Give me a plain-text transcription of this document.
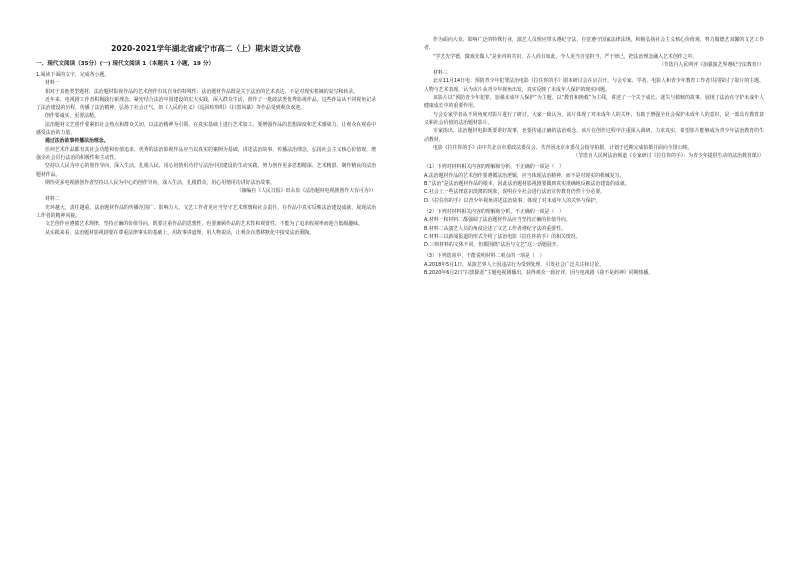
2020-2021学年湖北省咸宁市高二（上）期末语文试卷
一、现代文阅读（35分）(一) 现代文阅读 1（本题共 1 小题，19 分）

1.阅读下面的文字，完成各小题。

材料一

相对于其他类型题材，法治题材影视作品的艺术创作有其自身的特殊性：法治题材作品既是关于法治的艺术表达，不是对现实机械的复写和转录。

近年来，电视剧工作者积极践行新理念，紧密结合法治中国建设的宏大实践，深入群众生活，创作了一批政法类优秀影视作品。这些作品从不同视角记录了法治建设的历程，传播了法治精神，弘扬了社会正气。如《人民的名义》《巡回检察组》《扫黑风暴》等作品受到观众欢迎。

创作要诚实，更要法精。

法治题材文艺创作要紧扣社会热点和群众关切，以法治精神为引领，在真实基础上进行艺术加工。要增强作品的思想深度和艺术感染力，让观众在观看中感受法治的力量。

通过法治故事传播法治理念。

任何艺术作品都有其社会功能和价值追求，优秀的法治影视作品应当以真实的案例为基础，讲述法治故事，传播法治理念，弘扬社会主义核心价值观，增强全社会厉行法治的积极性和主动性。

坚持以人民为中心的创作导向，深入生活、扎根人民，用心用情用功抒写法治中国建设的生动实践，努力创作更多思想精深、艺术精湛、制作精良的法治题材作品。

期待更多电视剧创作者坚持以人民为中心的创作导向，深入生活，扎根群众，用心用情用功讲好法治故事。

（摘编自《人民日报》田永泉《法治题材电视剧创作大有可为》）

材料二

光环越大，责任越重。法治题材作品的传播范围广、影响力大，文艺工作者更应当坚守艺术理想和社会责任，在作品中真实反映法治建设成就，展现法治工作者的精神风貌。

文艺创作应遵循艺术规律，坚持正确的价值导向，既要注重作品的思想性，也要兼顾作品的艺术性和观赏性，不能为了追求收视率而迎合低级趣味。

从实践来看，法治题材影视剧要在尊重法律事实的基础上，用故事讲道理，用人物说话，让观众在潜移默化中接受法治熏陶。

作为面向大众、影响广泛的特殊行业，演艺人员理应带头遵纪守法，自觉遵守国家法律法规，积极弘扬社会主义核心价值观，努力做德艺双馨的文艺工作者。

“学艺先学德，做戏先做人”是业内的共识，古人尚且如此，今人更当自觉担当，严于律己，把法治理念融入艺术创作之中。

（节选自人民网评《加强演艺界遵纪守法教育》）

材料三

北京11月14日电：预防青少年犯罪法治电影《拉住你的手》剧本研讨会在京召开。与会专家、学者、电影人和青少年教育工作者共同探讨了影片的主题、人物与艺术表现，认为该片从青少年视角出发，真实反映了未成年人保护的现实问题。

该影片以“预防青少年犯罪，加强未成年人保护”为主题，以“教育和挽救”为主线，讲述了一个关于成长、迷失与救赎的故事，展现了法治在守护未成年人健康成长中的重要作用。

与会专家学者从不同角度对影片进行了研讨。大家一致认为，该片体现了对未成年人的关怀，有助于增强全社会保护未成年人的意识，是一部具有教育意义和社会价值的法治题材影片。

专家指出，法治题材电影既要讲好故事，也要传递正确的法治观念。该片在创作过程中注重深入调研，力求真实，希望影片能够成为青少年法治教育的生动教材。

电影《拉住你的手》由中共北京市委政法委员会、共青团北京市委员会指导拍摄，计划于近期完成拍摄并面向全国公映。

（节选自人民网法治频道《专家研讨《拉住你的手》：为青少年提供生动的法治教育课》）

（1）下列对材料相关内容的理解和分析，不正确的一项是（　）

A.法治题材作品的艺术创作要遵循法治逻辑，应当体现法治精神，而不是对现实的机械复写。

B.“法治”是法治题材作品的根本，因此法治题材影视剧要做到真实准确地反映法治建设的成就。

C.社会上一些法律意识淡薄的现象，说明在全社会进行法治宣传教育仍然十分必要。

D.《拉住你的手》以青少年视角讲述法治故事，体现了对未成年人的关怀与保护。

（2）下列对材料相关内容的理解和分析，不正确的一项是（　）

A.材料一和材料二都强调了法治题材作品应当坚持正确的价值导向。

B.材料二从演艺人员的角度论述了文艺工作者遵纪守法的重要性。

C.材料三以新闻报道的形式介绍了法治电影《拉住你的手》的相关情况。

D.三则材料的文体不同，但都围绕“法治与文艺”这一话题展开。

（3）下列选项中，不能说明材料二观点的一项是（　）

A.2018年5月1日，某演艺界人士因违法行为受到处理，引发社会广泛关注和讨论。

B.2020年6月2日“扫黑除恶”主题电视剧播出，获得观众一致好评，因与电视剧《我不是药神》同期热播。
